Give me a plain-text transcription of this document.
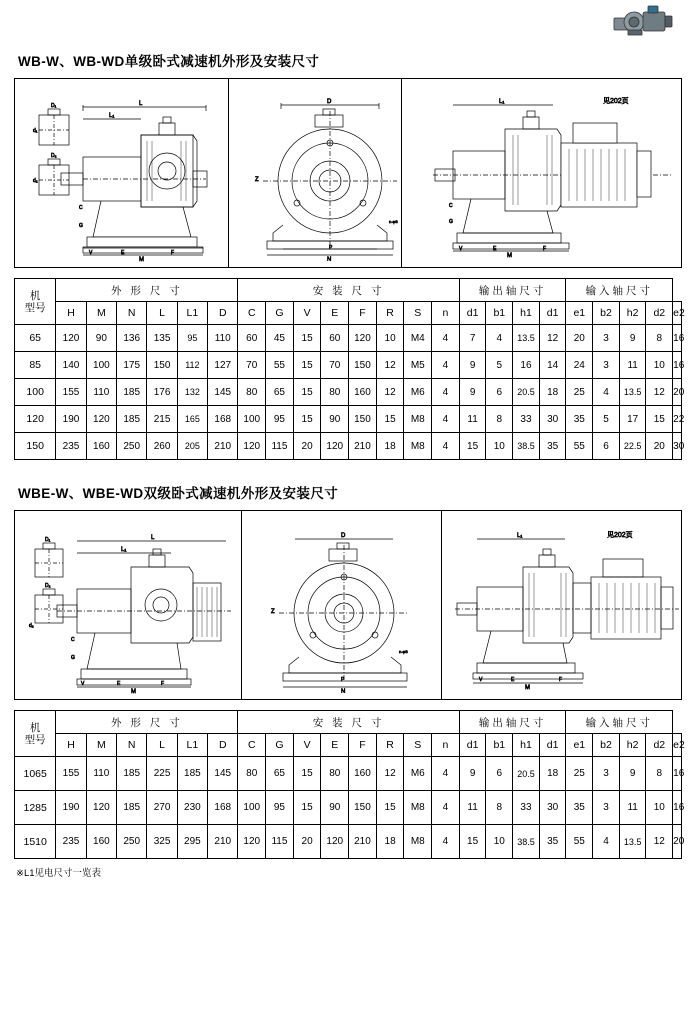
WB-W、WB-WD单级卧式减速机外形及安装尺寸
D₁
d₁
D₂
d₂
L
L₁
M
V	E	F
G
C
D
N
P
Z
n-φS
L₁	见202页
M
V	E	F
G
C
机
型号	外 形 尺 寸						安 装 尺 寸								输出轴尺寸				输入轴尺寸				
	H	M	N	L	L1	D	C	G	V	E	F	R	S	n	d1	b1	h1	d1	e1	b2	h2	d2	e2
65	120	90	136	135	95	110	60	45	15	60	120	10	M4	4	7	4	13.5	12	20	3	9	8	16
85	140	100	175	150	112	127	70	55	15	70	150	12	M5	4	9	5	16	14	24	3	11	10	16
100	155	110	185	176	132	145	80	65	15	80	160	12	M6	4	9	6	20.5	18	25	4	13.5	12	20
120	190	120	185	215	165	168	100	95	15	90	150	15	M8	4	11	8	33	30	35	5	17	15	22
150	235	160	250	260	205	210	120	115	20	120	210	18	M8	4	15	10	38.5	35	55	6	22.5	20	30
WBE-W、WBE-WD双级卧式减速机外形及安装尺寸
D₁
D₂
d₂
L
L₁
M
V	E	F
G
C
D
N
P
Z
n-φS
L₁	见202页
M
V	E	F
机
型号	外 形 尺 寸						安 装 尺 寸								输出轴尺寸				输入轴尺寸				
	H	M	N	L	L1	D	C	G	V	E	F	R	S	n	d1	b1	h1	d1	e1	b2	h2	d2	e2
1065	155	110	185	225	185	145	80	65	15	80	160	12	M6	4	9	6	20.5	18	25	3	9	8	16
1285	190	120	185	270	230	168	100	95	15	90	150	15	M8	4	11	8	33	30	35	3	11	10	16
1510	235	160	250	325	295	210	120	115	20	120	210	18	M8	4	15	10	38.5	35	55	4	13.5	12	20
※L1见电尺寸一览表
